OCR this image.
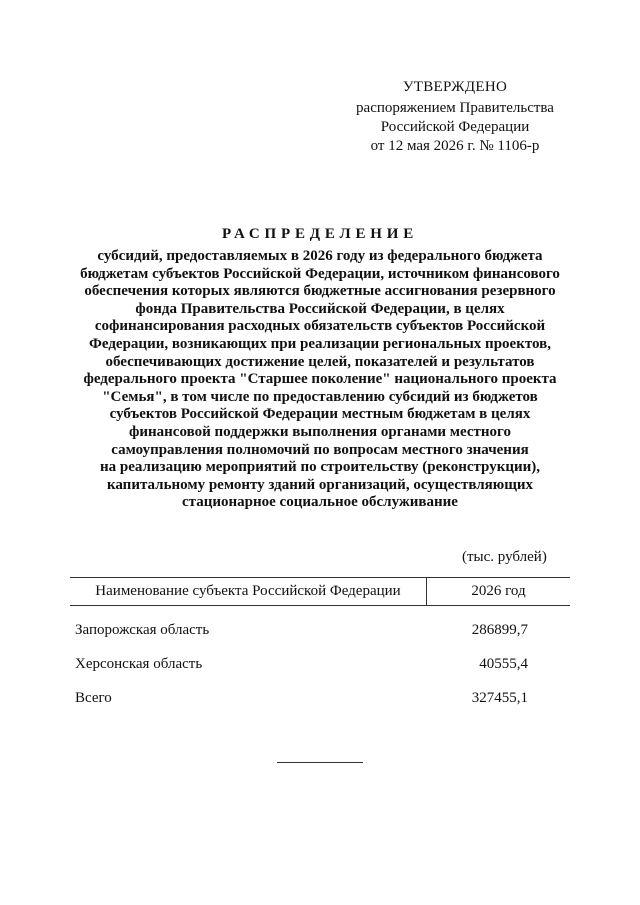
УТВЕРЖДЕНО
распоряжением Правительства
Российской Федерации
от 12 мая 2026 г. № 1106-р
РАСПРЕДЕЛЕНИЕ
субсидий, предоставляемых в 2026 году из федерального бюджета
бюджетам субъектов Российской Федерации, источником финансового
обеспечения которых являются бюджетные ассигнования резервного
фонда Правительства Российской Федерации, в целях
софинансирования расходных обязательств субъектов Российской
Федерации, возникающих при реализации региональных проектов,
обеспечивающих достижение целей, показателей и результатов
федерального проекта "Старшее поколение" национального проекта
"Семья", в том числе по предоставлению субсидий из бюджетов
субъектов Российской Федерации местным бюджетам в целях
финансовой поддержки выполнения органами местного
самоуправления полномочий по вопросам местного значения
на реализацию мероприятий по строительству (реконструкции),
капитальному ремонту зданий организаций, осуществляющих
стационарное социальное обслуживание
(тыс. рублей)
Наименование субъекта Российской Федерации	2026 год
Запорожская область	286899,7
Херсонская область	40555,4
Всего	327455,1
